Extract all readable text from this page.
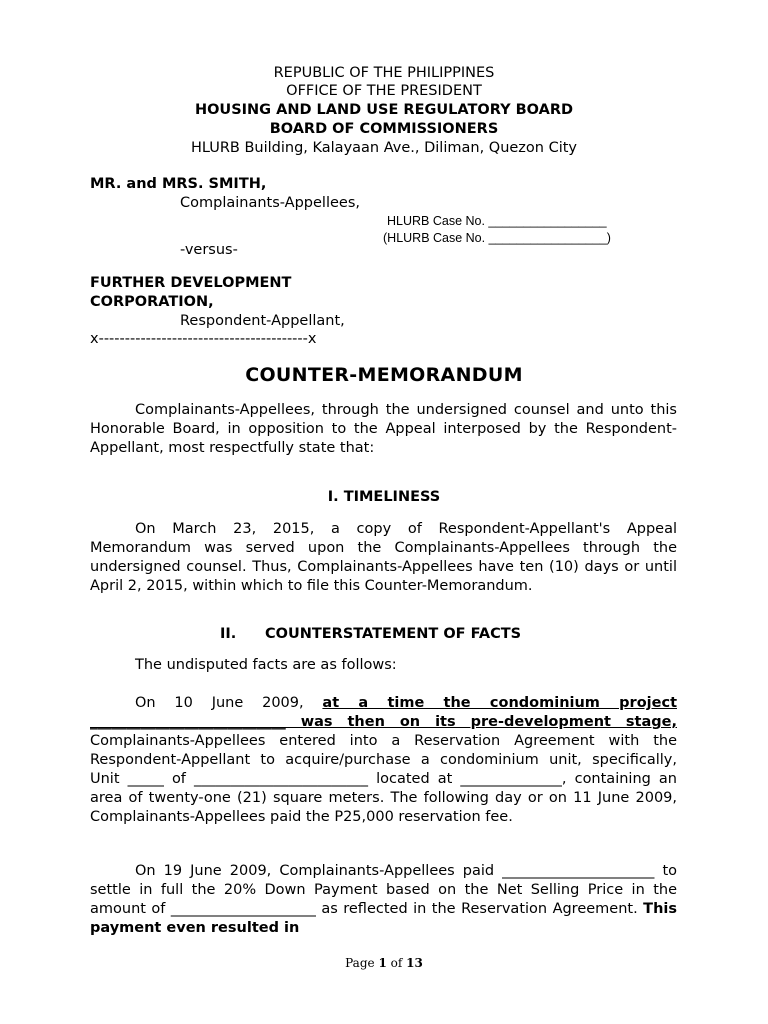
REPUBLIC OF THE PHILIPPINES
OFFICE OF THE PRESIDENT
HOUSING AND LAND USE REGULATORY BOARD
BOARD OF COMMISSIONERS
HLURB Building, Kalayaan Ave., Diliman, Quezon City
MR. and MRS. SMITH,
Complainants-Appellees,
HLURB Case No. _________________
(HLURB Case No. _________________)
-versus-
FURTHER DEVELOPMENT
CORPORATION,
Respondent-Appellant,
x----------------------------------------x
COUNTER-MEMORANDUM
Complainants-Appellees, through the undersigned counsel and unto this Honorable Board, in opposition to the Appeal interposed by the Respondent-Appellant, most respectfully state that:
I. TIMELINESS
On March 23, 2015, a copy of Respondent-Appellant's Appeal Memorandum was served upon the Complainants-Appellees through the undersigned counsel. Thus, Complainants-Appellees have ten (10) days or until April 2, 2015, within which to file this Counter-Memorandum.
II. COUNTERSTATEMENT OF FACTS
The undisputed facts are as follows:
On 10 June 2009, at a time the condominium project ___________________________ was then on its pre-development stage, Complainants-Appellees entered into a Reservation Agreement with the Respondent-Appellant to acquire/purchase a condominium unit, specifically, Unit _____ of ________________________ located at ______________, containing an area of twenty-one (21) square meters. The following day or on 11 June 2009, Complainants-Appellees paid the P25,000 reservation fee.
On 19 June 2009, Complainants-Appellees paid _____________________ to settle in full the 20% Down Payment based on the Net Selling Price in the amount of ____________________ as reflected in the Reservation Agreement. This payment even resulted in
Page 1 of 13
